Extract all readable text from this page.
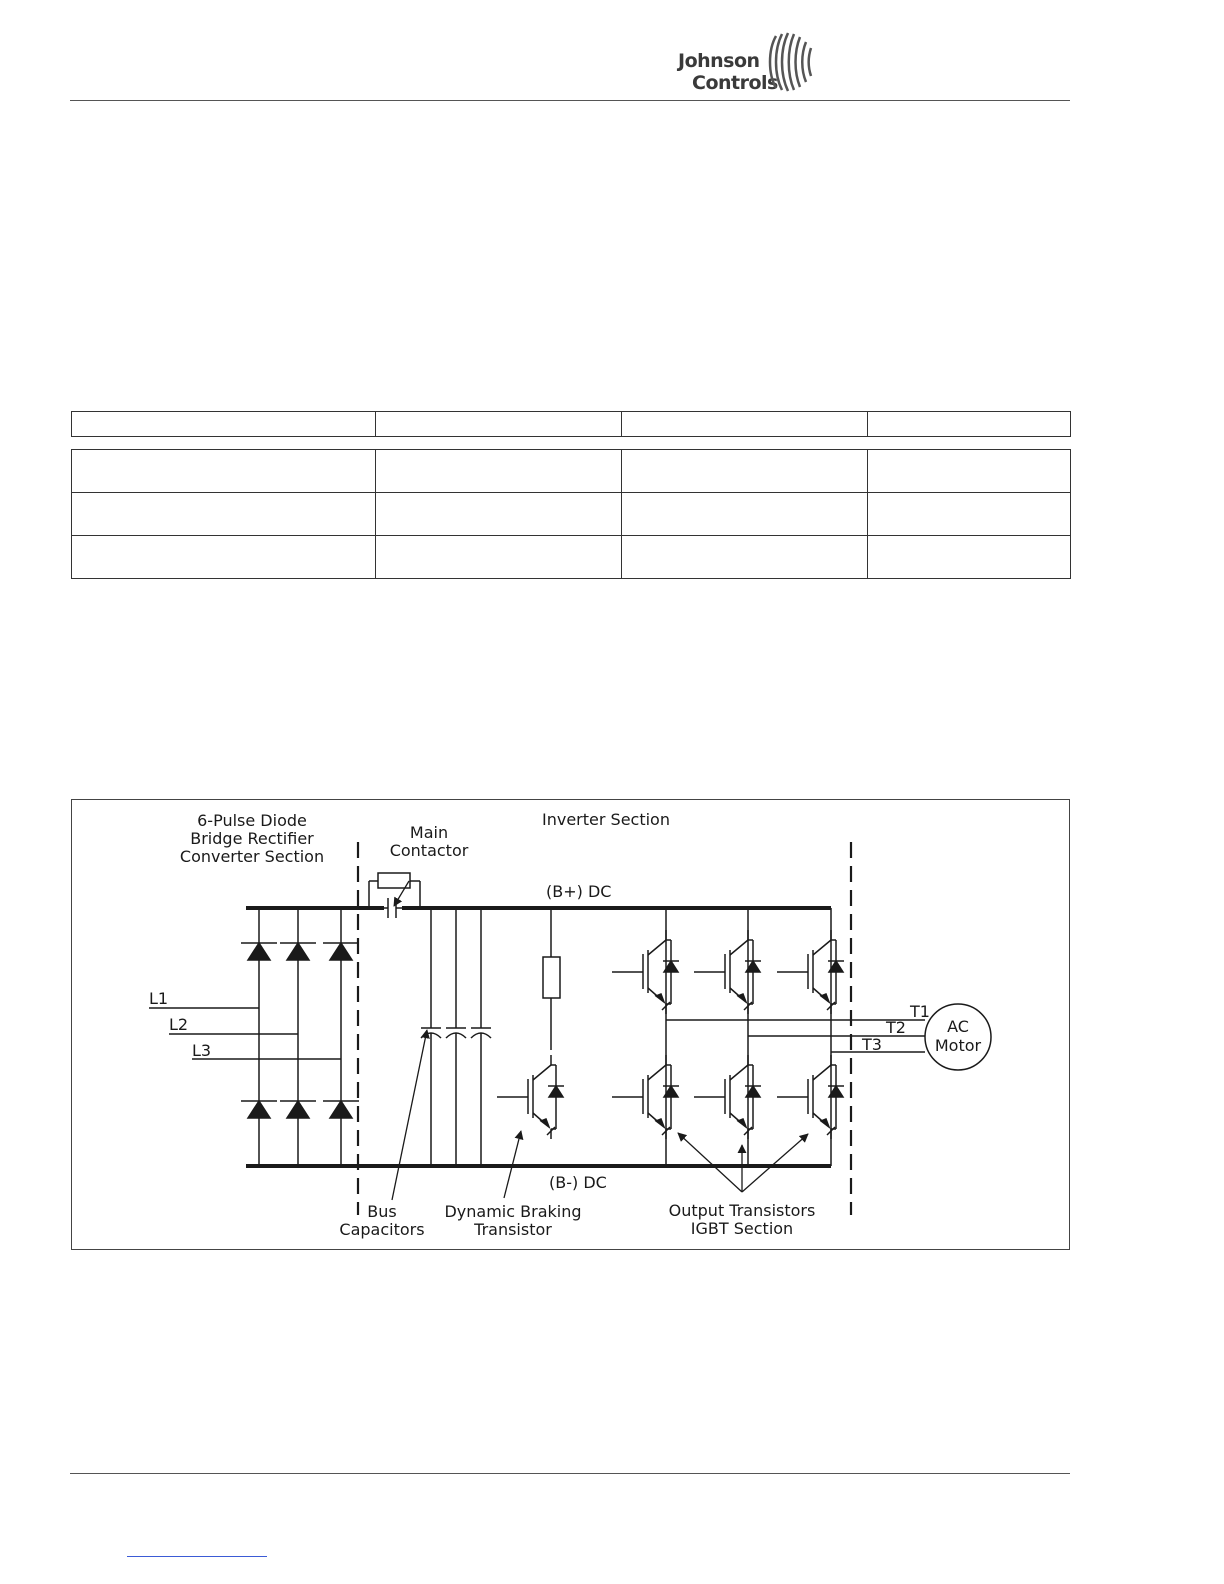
Johnson
Controls

AC
Motor
6-Pulse Diode
Bridge Rectifier
Converter Section
Main
Contactor
Inverter Section
(B+) DC
(B-) DC
L1
L2
L3
T1
T2
T3
Bus
Capacitors
Dynamic Braking
Transistor
Output Transistors
IGBT Section
